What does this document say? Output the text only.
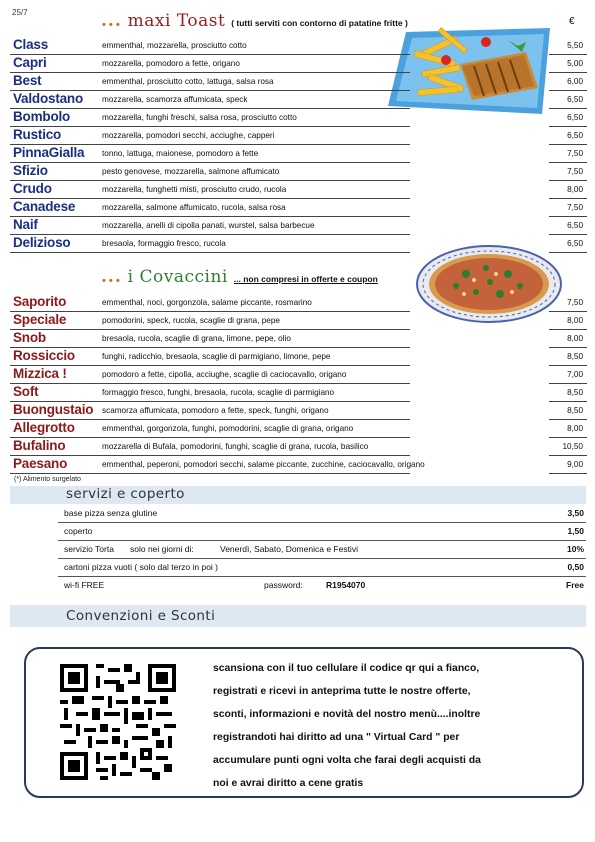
25/7	... maxi Toast ( tutti serviti con contorno di patatine fritte )	€
Class	emmenthal, mozzarella, prosciutto cotto	5,50
Capri	mozzarella, pomodoro a fette, origano	5,00
Best	emmenthal, prosciutto cotto, lattuga, salsa rosa	6,00
Valdostano mozzarella, scamorza affumicata, speck	6,50
Bombolo	mozzarella, funghi freschi, salsa rosa, prosciutto cotto	6,50
Rustico	mozzarella, pomodori secchi, acciughe, capperi	6,50
PinnaGialla tonno, lattuga, maionese, pomodoro a fette	7,50
Sfizio	pesto genovese, mozzarella, salmone affumicato	7,50
Crudo	mozzarella, funghetti misti, prosciutto crudo, rucola	8,00
Canadese	mozzarella, salmone affumicato, rucola, salsa rosa	7,50
Naif	mozzarella, anelli di cipolla panati, wurstel, salsa barbecue	6,50
Delizioso	bresaola, formaggio fresco, rucola	6,50
... i Covaccini ... non compresi in offerte e coupon
Saporito	emmenthal, noci, gorgonzola, salame piccante, rosmarino	7,50
Speciale	pomodorini, speck, rucola, scaglie di grana, pepe	8,00
Snob	bresaola, rucola, scaglie di grana, limone, pepe, olio	8,00
Rossiccio	funghi, radicchio, bresaola, scaglie di parmigiano, limone, pepe	8,50
Mizzica !	pomodoro a fette, cipolla, acciughe, scaglie di caciocavallo, origano	7,00
Soft	formaggio fresco, funghi, bresaola, rucola, scaglie di parmigiano	8,50
Buongustaio scamorza affumicata, pomodoro a fette, speck, funghi, origano	8,50
Allegrotto	emmenthal, gorgonzola, funghi, pomodorini, scaglie di grana, origano	8,00
Bufalino	mozzarella di Bufala, pomodorini, funghi, scaglie di grana, rucola, basilico	10,50
Paesano	emmenthal, peperoni, pomodori secchi, salame piccante, zucchine, caciocavallo, origano	9,00
(*) Alimento surgelato
servizi e coperto
base pizza senza glutine	3,50
coperto	1,50
servizio Torta solo nei giorni di:	Venerdì, Sabato, Domenica e Festivi	10%
cartoni pizza vuoti ( solo dal terzo in poi )	0,50
wi-fi FREE	password:	R1954070	Free
Convenzioni e Sconti
scansiona con il tuo cellulare il codice qr qui a fianco,
registrati e ricevi in anteprima tutte le nostre offerte,
sconti, informazioni e novità del nostro menù....inoltre
registrandoti hai diritto ad una " Virtual Card " per
accumulare punti ogni volta che farai degli acquisti da
noi e avrai diritto a cene gratis
